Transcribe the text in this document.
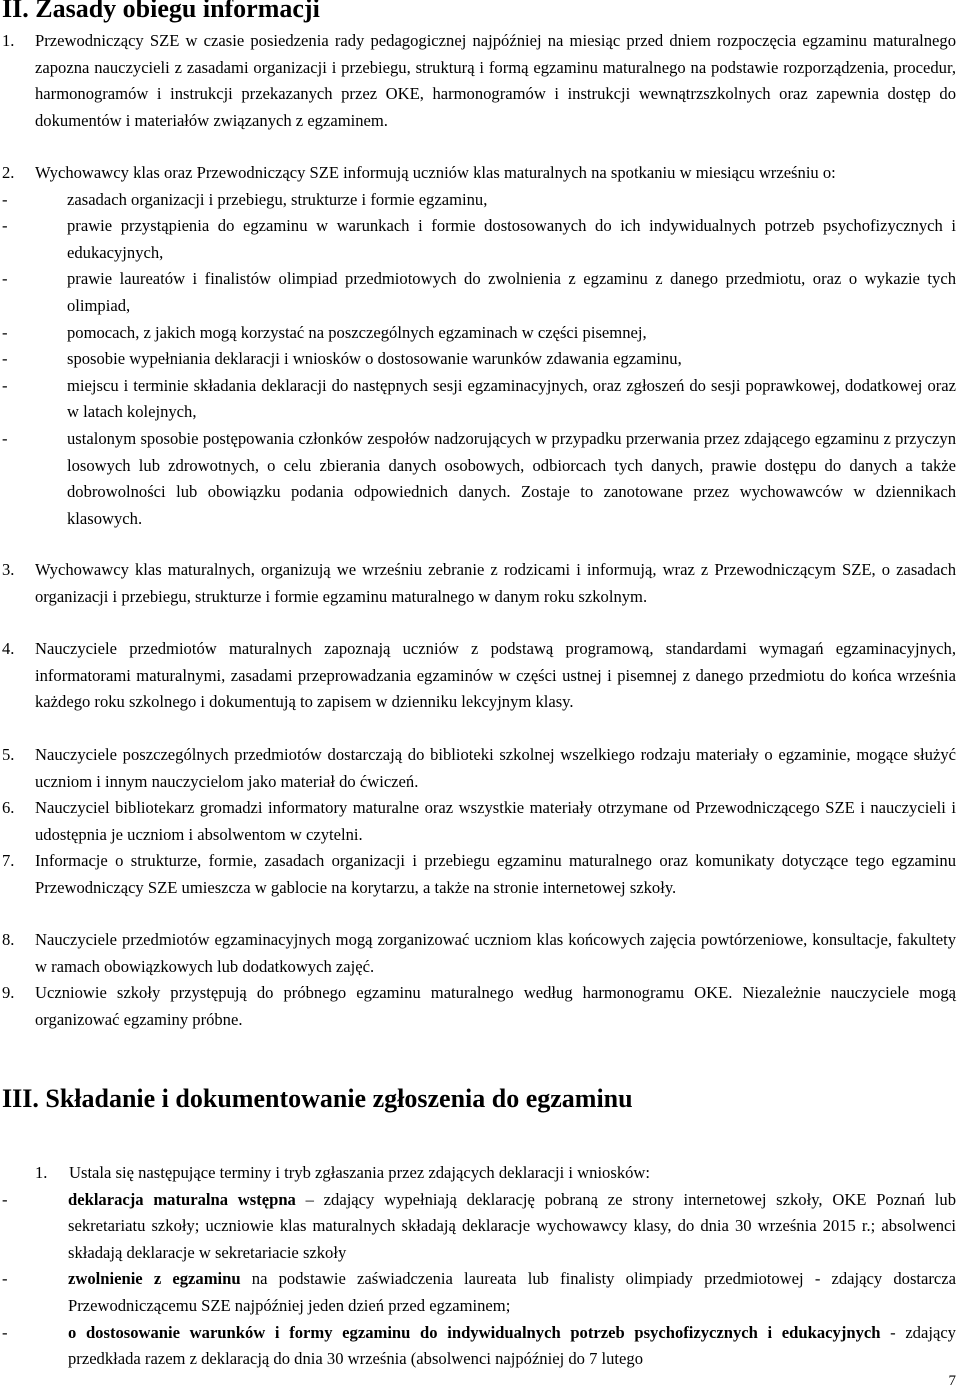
II. Zasady obiegu informacji
1. Przewodniczący SZE w czasie posiedzenia rady pedagogicznej najpóźniej na miesiąc przed dniem rozpoczęcia egzaminu maturalnego zapozna nauczycieli z zasadami organizacji i przebiegu, strukturą i formą egzaminu maturalnego na podstawie rozporządzenia, procedur, harmonogramów i instrukcji przekazanych przez OKE, harmonogramów i instrukcji wewnątrzszkolnych oraz zapewnia dostęp do dokumentów i materiałów związanych z egzaminem.
2. Wychowawcy klas oraz Przewodniczący SZE informują uczniów klas maturalnych na spotkaniu w miesiącu wrześniu o:
-	zasadach organizacji i przebiegu, strukturze i formie egzaminu,
-	prawie przystąpienia do egzaminu w warunkach i formie dostosowanych do ich indywidualnych potrzeb psychofizycznych i edukacyjnych,
-	prawie laureatów i finalistów olimpiad przedmiotowych do zwolnienia z egzaminu z danego przedmiotu, oraz o wykazie tych olimpiad,
-	pomocach, z jakich mogą korzystać na poszczególnych egzaminach w części pisemnej,
-	sposobie wypełniania deklaracji i wniosków o dostosowanie warunków zdawania egzaminu,
-	miejscu i terminie składania deklaracji do następnych sesji egzaminacyjnych, oraz zgłoszeń do sesji poprawkowej, dodatkowej oraz w latach kolejnych,
-	ustalonym sposobie postępowania członków zespołów nadzorujących w przypadku przerwania przez zdającego egzaminu z przyczyn losowych lub zdrowotnych, o celu zbierania danych osobowych, odbiorcach tych danych, prawie dostępu do danych a także dobrowolności lub obowiązku podania odpowiednich danych. Zostaje to zanotowane przez wychowawców w dziennikach klasowych.
3. Wychowawcy klas maturalnych, organizują we wrześniu zebranie z rodzicami i informują, wraz z Przewodniczącym SZE, o zasadach organizacji i przebiegu, strukturze i formie egzaminu maturalnego w danym roku szkolnym.
4. Nauczyciele przedmiotów maturalnych zapoznają uczniów z podstawą programową, standardami wymagań egzaminacyjnych, informatorami maturalnymi, zasadami przeprowadzania egzaminów w części ustnej i pisemnej z danego przedmiotu do końca września każdego roku szkolnego i dokumentują to zapisem w dzienniku lekcyjnym klasy.
5. Nauczyciele poszczególnych przedmiotów dostarczają do biblioteki szkolnej wszelkiego rodzaju materiały o egzaminie, mogące służyć uczniom i innym nauczycielom jako materiał do ćwiczeń.
6. Nauczyciel bibliotekarz gromadzi informatory maturalne oraz wszystkie materiały otrzymane od Przewodniczącego SZE i nauczycieli i udostępnia je uczniom i absolwentom w czytelni.
7. Informacje o strukturze, formie, zasadach organizacji i przebiegu egzaminu maturalnego oraz komunikaty dotyczące tego egzaminu Przewodniczący SZE umieszcza w gablocie na korytarzu, a także na stronie internetowej szkoły.
8. Nauczyciele przedmiotów egzaminacyjnych mogą zorganizować uczniom klas końcowych zajęcia powtórzeniowe, konsultacje, fakultety w ramach obowiązkowych lub dodatkowych zajęć.
9. Uczniowie szkoły przystępują do próbnego egzaminu maturalnego według harmonogramu OKE. Niezależnie nauczyciele mogą organizować egzaminy próbne.
III. Składanie i dokumentowanie zgłoszenia do egzaminu
1. Ustala się następujące terminy i tryb zgłaszania przez zdających deklaracji i wniosków:
-	deklaracja maturalna wstępna – zdający wypełniają deklarację pobraną ze strony internetowej szkoły, OKE Poznań lub sekretariatu szkoły; uczniowie klas maturalnych składają deklaracje wychowawcy klasy, do dnia 30 września 2015 r.; absolwenci składają deklaracje w sekretariacie szkoły
-	zwolnienie z egzaminu na podstawie zaświadczenia laureata lub finalisty olimpiady przedmiotowej - zdający dostarcza Przewodniczącemu SZE najpóźniej jeden dzień przed egzaminem;
-	o dostosowanie warunków i formy egzaminu do indywidualnych potrzeb psychofizycznych i edukacyjnych - zdający przedkłada razem z deklaracją do dnia 30 września (absolwenci najpóźniej do 7 lutego
7
